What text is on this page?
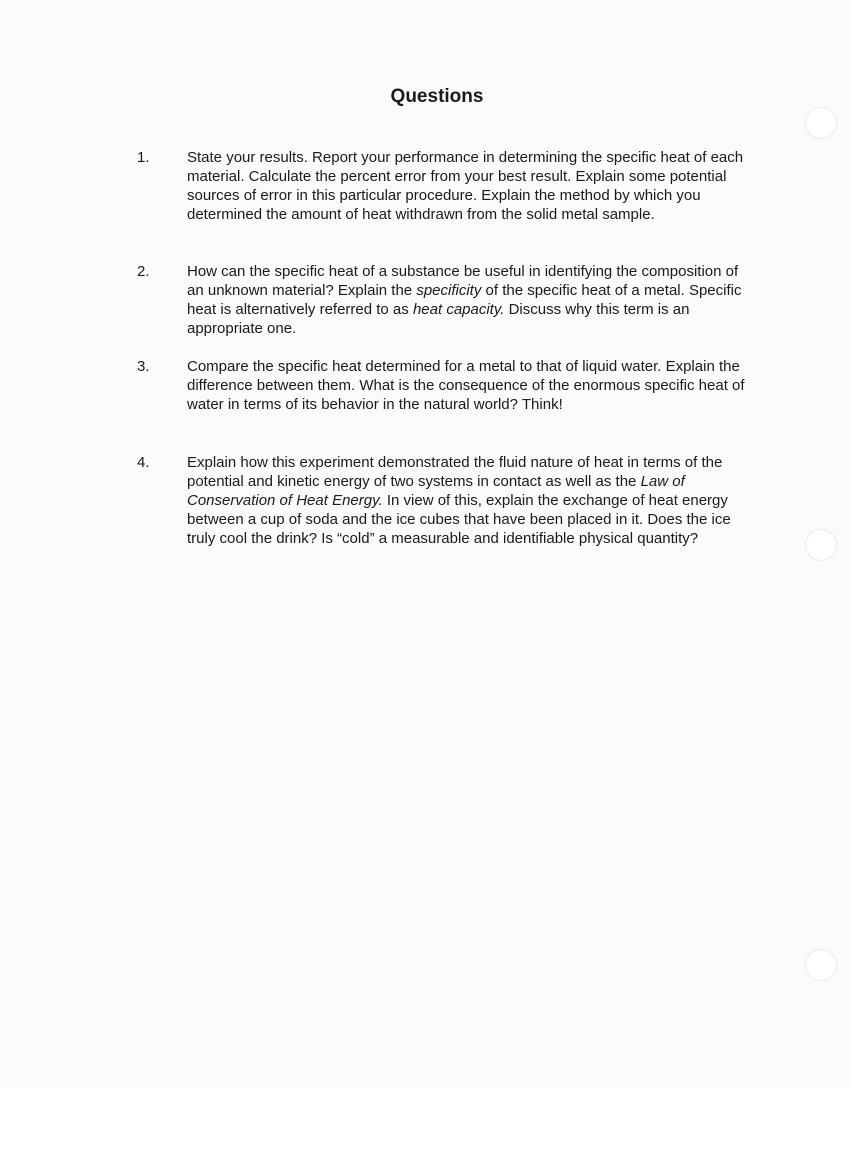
Questions
1. State your results. Report your performance in determining the specific heat of each material. Calculate the percent error from your best result. Explain some potential sources of error in this particular procedure. Explain the method by which you determined the amount of heat withdrawn from the solid metal sample.

2. How can the specific heat of a substance be useful in identifying the composition of an unknown material? Explain the specificity of the specific heat of a metal. Specific heat is alternatively referred to as heat capacity. Discuss why this term is an appropriate one.

3. Compare the specific heat determined for a metal to that of liquid water. Explain the difference between them. What is the consequence of the enormous specific heat of water in terms of its behavior in the natural world? Think!

4. Explain how this experiment demonstrated the fluid nature of heat in terms of the potential and kinetic energy of two systems in contact as well as the Law of Conservation of Heat Energy. In view of this, explain the exchange of heat energy between a cup of soda and the ice cubes that have been placed in it. Does the ice truly cool the drink? Is “cold” a measurable and identifiable physical quantity?
